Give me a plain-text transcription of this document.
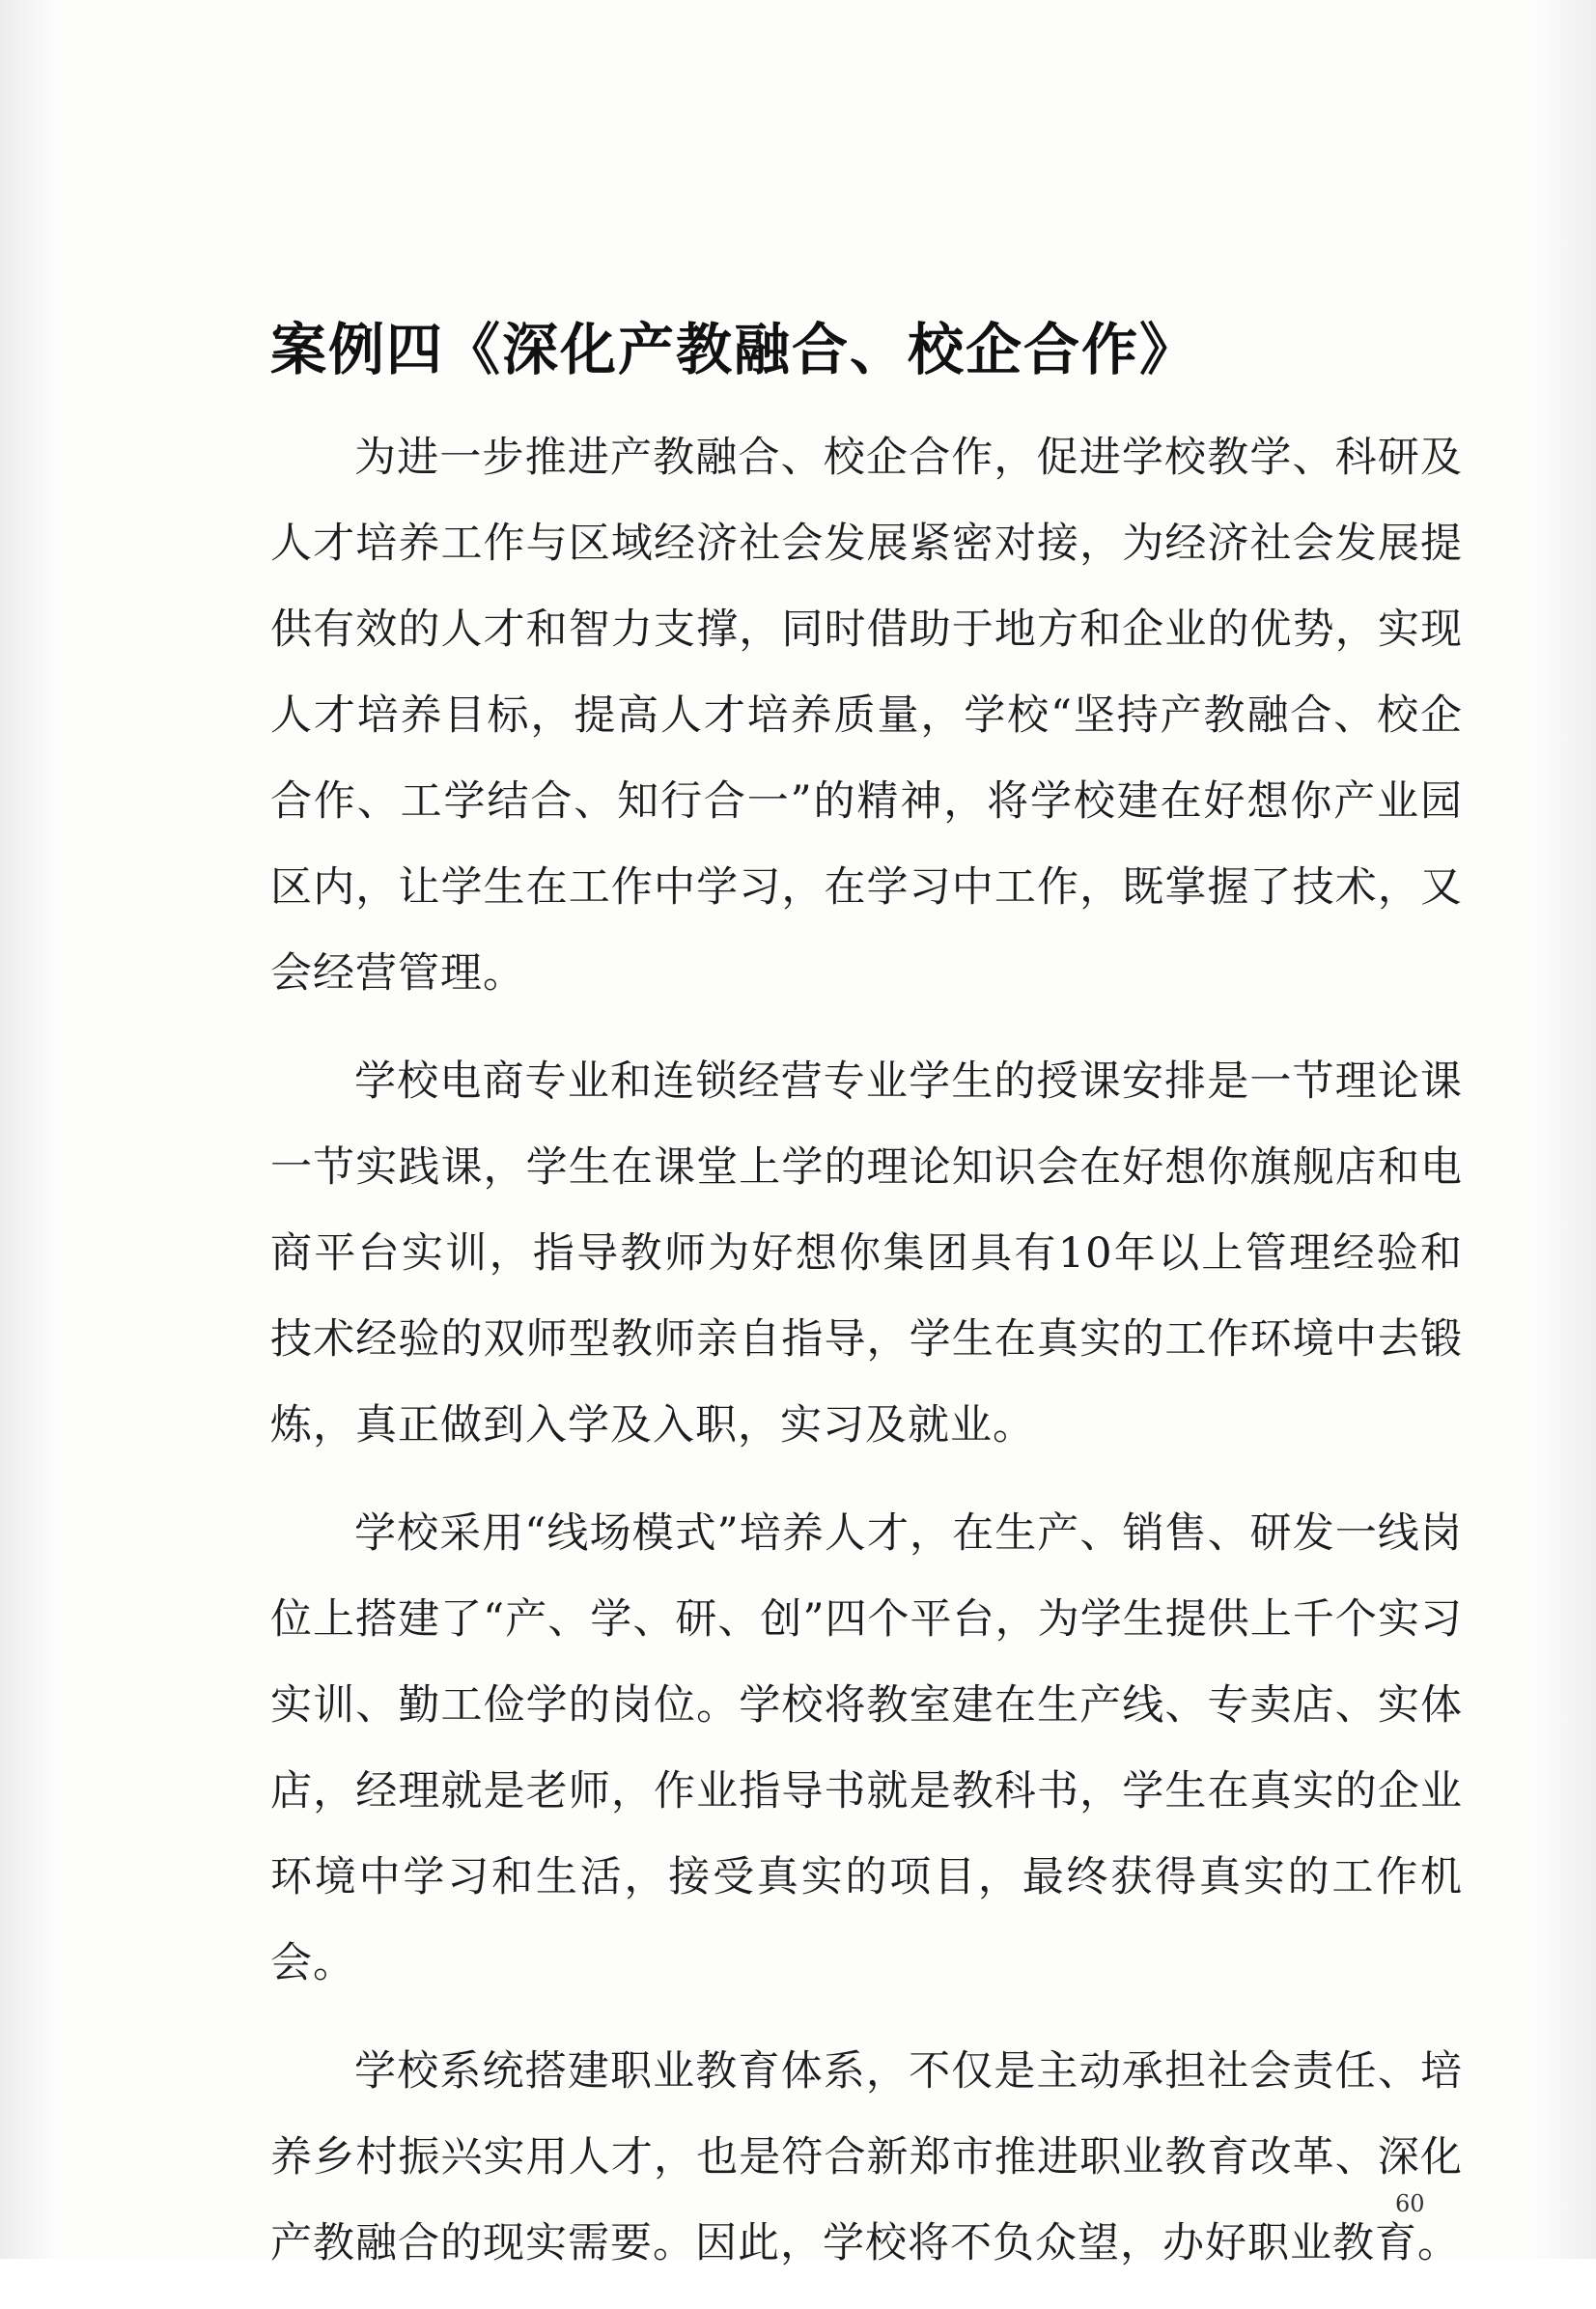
案例四《深化产教融合、校企合作》

为进一步推进产教融合、校企合作，促进学校教学、科研及人才培养工作与区域经济社会发展紧密对接，为经济社会发展提供有效的人才和智力支撑，同时借助于地方和企业的优势，实现人才培养目标，提高人才培养质量，学校“坚持产教融合、校企合作、工学结合、知行合一”的精神，将学校建在好想你产业园区内，让学生在工作中学习，在学习中工作，既掌握了技术，又会经营管理。

学校电商专业和连锁经营专业学生的授课安排是一节理论课一节实践课，学生在课堂上学的理论知识会在好想你旗舰店和电商平台实训，指导教师为好想你集团具有10年以上管理经验和技术经验的双师型教师亲自指导，学生在真实的工作环境中去锻炼，真正做到入学及入职，实习及就业。

学校采用“线场模式”培养人才，在生产、销售、研发一线岗位上搭建了“产、学、研、创”四个平台，为学生提供上千个实习实训、勤工俭学的岗位。学校将教室建在生产线、专卖店、实体店，经理就是老师，作业指导书就是教科书，学生在真实的企业环境中学习和生活，接受真实的项目，最终获得真实的工作机会。

学校系统搭建职业教育体系，不仅是主动承担社会责任、培养乡村振兴实用人才，也是符合新郑市推进职业教育改革、深化产教融合的现实需要。因此，学校将不负众望，办好职业教育。

60
